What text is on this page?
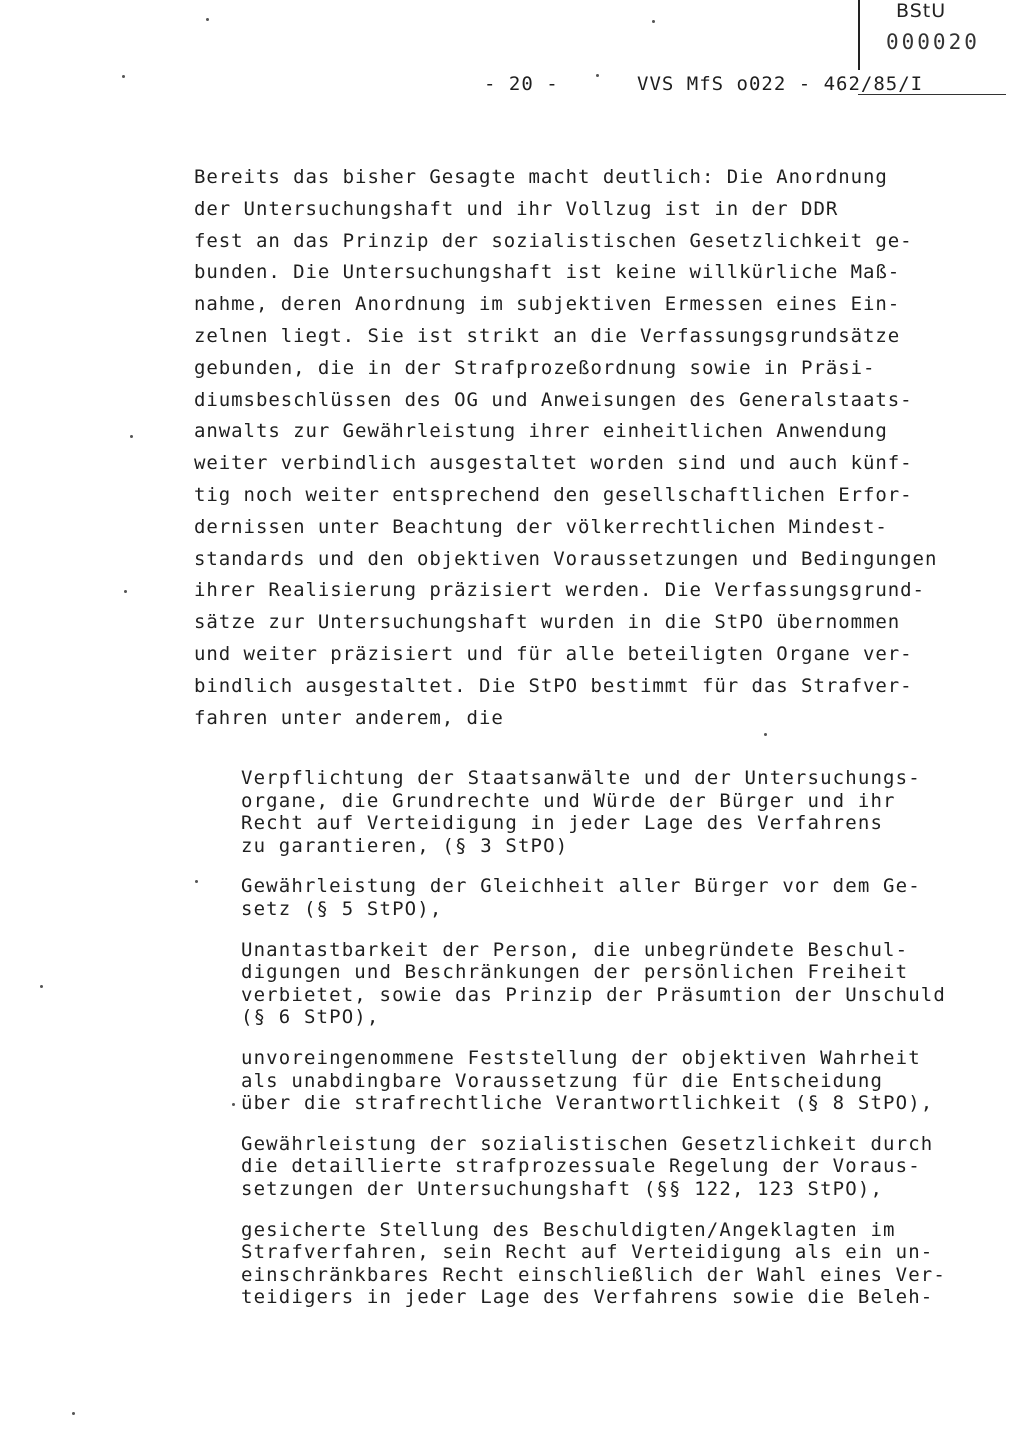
BStU
000020
- 20 -	VVS MfS o022 - 462/85/I
Bereits das bisher Gesagte macht deutlich: Die Anordnung
der Untersuchungshaft und ihr Vollzug ist in der DDR
fest an das Prinzip der sozialistischen Gesetzlichkeit ge-
bunden. Die Untersuchungshaft ist keine willkürliche Maß-
nahme, deren Anordnung im subjektiven Ermessen eines Ein-
zelnen liegt. Sie ist strikt an die Verfassungsgrundsätze
gebunden, die in der Strafprozeßordnung sowie in Präsi-
diumsbeschlüssen des OG und Anweisungen des Generalstaats-
anwalts zur Gewährleistung ihrer einheitlichen Anwendung
weiter verbindlich ausgestaltet worden sind und auch künf-
tig noch weiter entsprechend den gesellschaftlichen Erfor-
dernissen unter Beachtung der völkerrechtlichen Mindest-
standards und den objektiven Voraussetzungen und Bedingungen
ihrer Realisierung präzisiert werden. Die Verfassungsgrund-
sätze zur Untersuchungshaft wurden in die StPO übernommen
und weiter präzisiert und für alle beteiligten Organe ver-
bindlich ausgestaltet. Die StPO bestimmt für das Strafver-
fahren unter anderem, die
Verpflichtung der Staatsanwälte und der Untersuchungs-
organe, die Grundrechte und Würde der Bürger und ihr
Recht auf Verteidigung in jeder Lage des Verfahrens
zu garantieren, (§ 3 StPO)
Gewährleistung der Gleichheit aller Bürger vor dem Ge-
setz (§ 5 StPO),
Unantastbarkeit der Person, die unbegründete Beschul-
digungen und Beschränkungen der persönlichen Freiheit
verbietet, sowie das Prinzip der Präsumtion der Unschuld
(§ 6 StPO),
unvoreingenommene Feststellung der objektiven Wahrheit
als unabdingbare Voraussetzung für die Entscheidung
über die strafrechtliche Verantwortlichkeit (§ 8 StPO),
Gewährleistung der sozialistischen Gesetzlichkeit durch
die detaillierte strafprozessuale Regelung der Voraus-
setzungen der Untersuchungshaft (§§ 122, 123 StPO),
gesicherte Stellung des Beschuldigten/Angeklagten im
Strafverfahren, sein Recht auf Verteidigung als ein un-
einschränkbares Recht einschließlich der Wahl eines Ver-
teidigers in jeder Lage des Verfahrens sowie die Beleh-
